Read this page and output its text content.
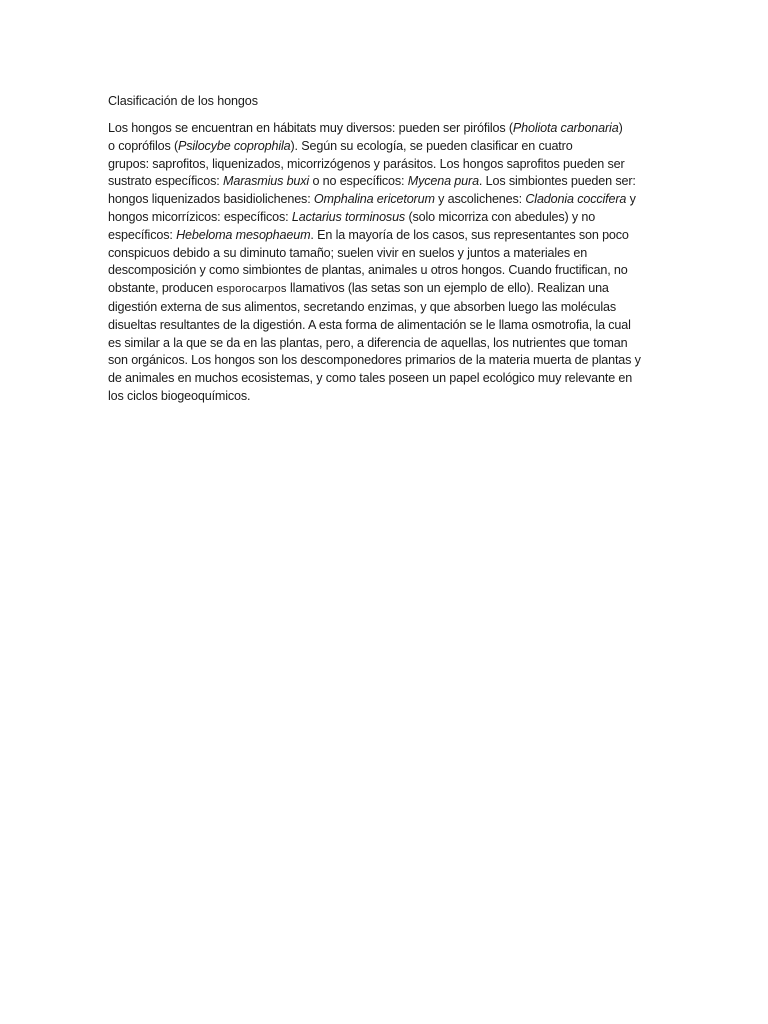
Clasificación de los hongos

Los hongos se encuentran en hábitats muy diversos: pueden ser pirófilos (Pholiota carbonaria)
o coprófilos (Psilocybe coprophila). Según su ecología, se pueden clasificar en cuatro
grupos: saprofitos, liquenizados, micorrizógenos y parásitos. Los hongos saprofitos pueden ser
sustrato específicos: Marasmius buxi o no específicos: Mycena pura. Los simbiontes pueden ser:
hongos liquenizados basidiolichenes: Omphalina ericetorum y ascolichenes: Cladonia coccifera y
hongos micorrízicos: específicos: Lactarius torminosus (solo micorriza con abedules) y no
específicos: Hebeloma mesophaeum. En la mayoría de los casos, sus representantes son poco
conspicuos debido a su diminuto tamaño; suelen vivir en suelos y juntos a materiales en
descomposición y como simbiontes de plantas, animales u otros hongos. Cuando fructifican, no
obstante, producen esporocarpos llamativos (las setas son un ejemplo de ello). Realizan una
digestión externa de sus alimentos, secretando enzimas, y que absorben luego las moléculas
disueltas resultantes de la digestión. A esta forma de alimentación se le llama osmotrofia, la cual
es similar a la que se da en las plantas, pero, a diferencia de aquellas, los nutrientes que toman
son orgánicos. Los hongos son los descomponedores primarios de la materia muerta de plantas y
de animales en muchos ecosistemas, y como tales poseen un papel ecológico muy relevante en
los ciclos biogeoquímicos.
